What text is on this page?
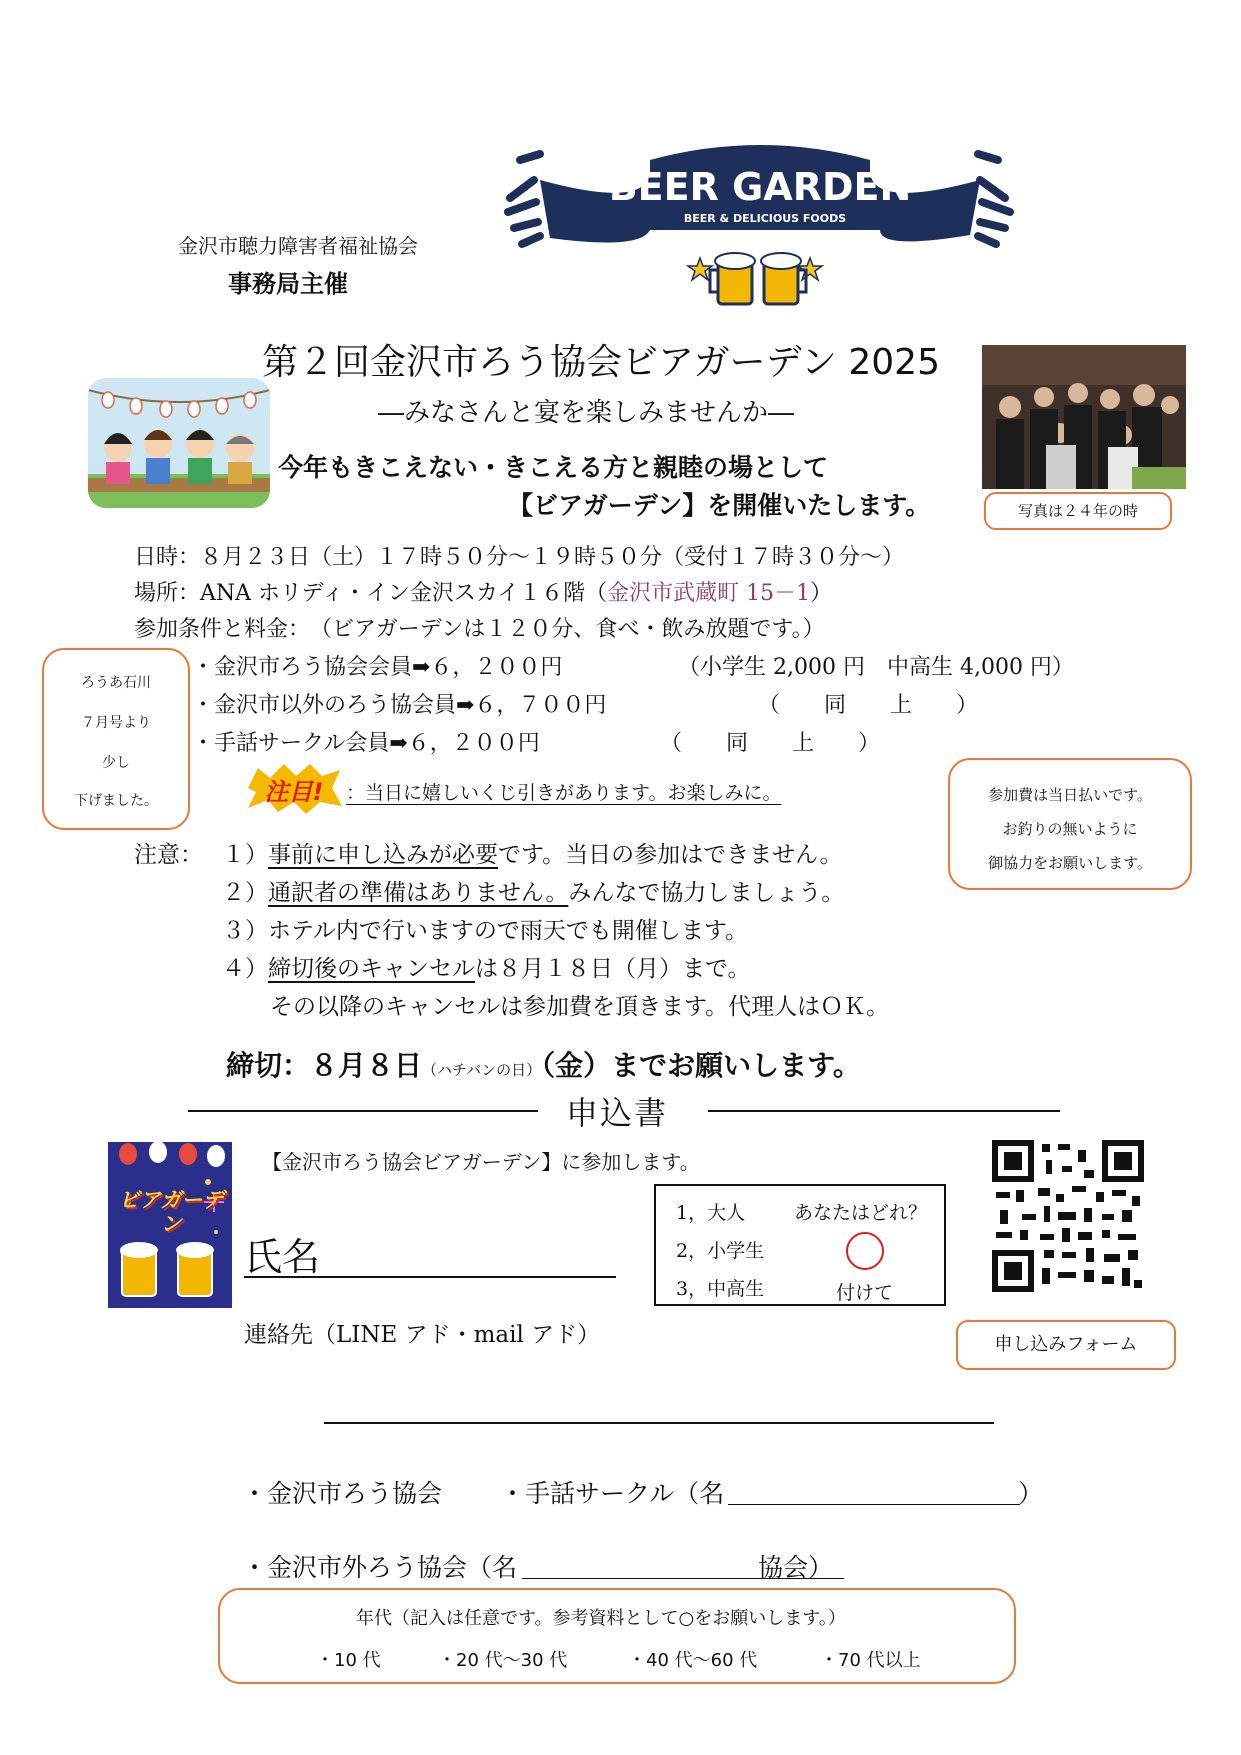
金沢市聴力障害者福祉協会
事務局主催
BEER GARDEN
BEER & DELICIOUS FOODS
第２回金沢市ろう協会ビアガーデン 2025
―みなさんと宴を楽しみませんか―
今年もきこえない・きこえる方と親睦の場として
【ビアガーデン】を開催いたします。	写真は２４年の時
日時：８月２３日（土）１７時５０分～１９時５０分（受付１７時３０分～）
場所：ANA ホリディ・イン金沢スカイ１６階（金沢市武蔵町 15－1）
参加条件と料金：　（ビアガーデンは１２０分、食べ・飲み放題です。）
・金沢市ろう協会会員➡６，２００円	（小学生 2,000 円　中高生 4,000 円）
・金沢市以外のろう協会員➡６，７００円	（　　同　　上　　）
・手話サークル会員➡６，２００円	（　　同　　上　　）
ろうあ石川
７月号より
少し
下げました。	注目!	：当日に嬉しいくじ引きがあります。お楽しみに。	参加費は当日払いです。
お釣りの無いように
御協力をお願いします。
注意： １）事前に申し込みが必要です。当日の参加はできません。
２）通訳者の準備はありません。みんなで協力しましょう。
３）ホテル内で行いますので雨天でも開催します。
４）締切後のキャンセルは８月１８日（月）まで。
その以降のキャンセルは参加費を頂きます。代理人はＯＫ。
締切：８月８日（ハチバンの日）（金）までお願いします。
申込書
ビアガーデン
【金沢市ろう協会ビアガーデン】に参加します。
氏名
連絡先（LINE アド・mail アド）
1，大人
2，小学生
3，中高生
あなたはどれ？
付けて
申し込みフォーム
・金沢市ろう協会 ・手話サークル（名	）
・金沢市外ろう協会（名	協会）
年代（記入は任意です。参考資料として○をお願いします。）
・10 代	・20 代～30 代	・40 代～60 代	・70 代以上
